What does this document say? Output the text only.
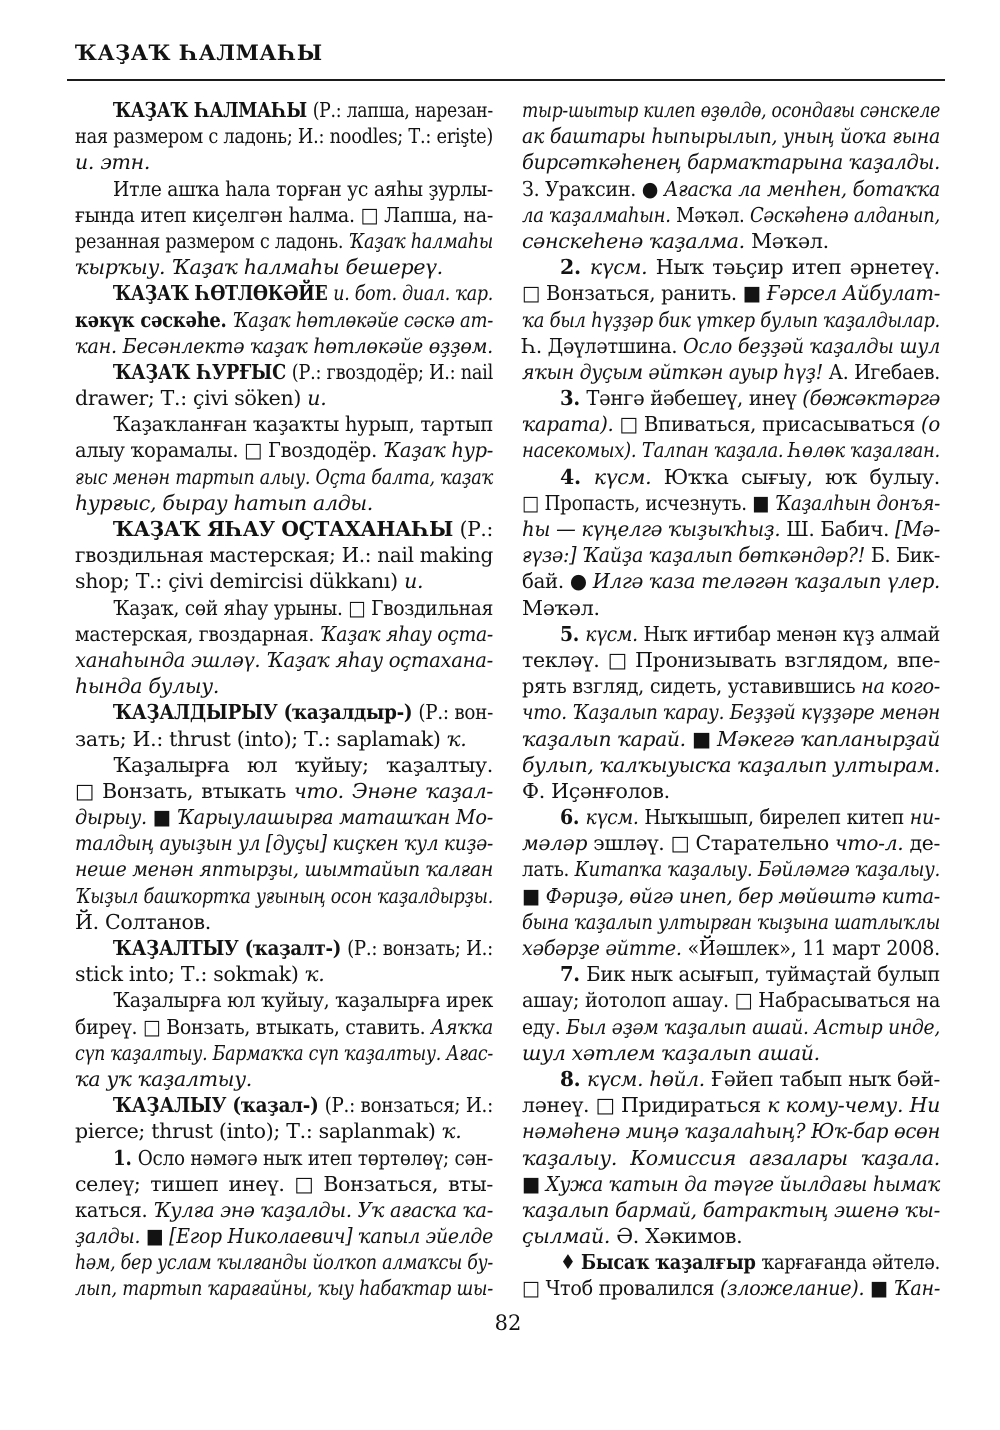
ҠАҘАҠ ҺАЛМАҺЫ
ҠАҘАҠ ҺАЛМАҺЫ (Р.: лапша, нарезан-
ная размером с ладонь; И.: noodles; Т.: erişte)
и. этн.
Итле ашҡа һала торған ус аяһы ҙурлы-
ғында итеп киҫелгән һалма. □ Лапша, на-
резанная размером с ладонь. Ҡаҙаҡ һалмаһы
ҡырҡыу. Ҡаҙаҡ һалмаһы бешереү.
ҠАҘАҠ ҺӨТЛӨКӘЙЕ и. бот. диал. ҡар.
кәкүк сәскәһе. Ҡаҙаҡ һөтлөкәйе сәскә ат-
ҡан. Бесәнлектә ҡаҙаҡ һөтлөкәйе өҙҙөм.
ҠАҘАҠ ҺУРҒЫС (Р.: гвоздодёр; И.: nail
drawer; Т.: çivi söken) и.
Ҡаҙаҡланған ҡаҙаҡты һурып, тартып
алыу ҡорамалы. □ Гвоздодёр. Ҡаҙаҡ һур-
ғыс менән тартып алыу. Оҫта балта, ҡаҙаҡ
һурғыс, бырау һатып алды.
ҠАҘАҠ ЯҺАУ ОҪТАХАНАҺЫ (Р.:
гвоздильная мастерская; И.: nail making
shop; Т.: çivi demircisi dükkanı) и.
Ҡаҙаҡ, сөй яһау урыны. □ Гвоздильная
мастерская, гвоздарная. Ҡаҙаҡ яһау оҫта-
ханаһында эшләү. Ҡаҙаҡ яһау оҫтахана-
һында булыу.
ҠАҘАЛДЫРЫУ (ҡаҙалдыр-) (Р.: вон-
зать; И.: thrust (into); Т.: saplamak) ҡ.
Ҡаҙалырға юл ҡуйыу; ҡаҙалтыу.
□ Вонзать, втыкать что. Энәне ҡаҙал-
дырыу. ■ Ҡарыулашырға маташҡан Мо-
талдың ауыҙын ул [дуҫы] киҫкен ҡул киҙә-
неше менән яптырҙы, шымтайып ҡалған
Ҡыҙыл башҡортҡа уғының осон ҡаҙалдырҙы.
Й. Солтанов.
ҠАҘАЛТЫУ (ҡаҙалт-) (Р.: вонзать; И.:
stick into; Т.: sokmak) ҡ.
Ҡаҙалырға юл ҡуйыу, ҡаҙалырға ирек
биреү. □ Вонзать, втыкать, ставить. Аяҡҡа
сүп ҡаҙалтыу. Бармаҡҡа сүп ҡаҙалтыу. Ағас-
ҡа уҡ ҡаҙалтыу.
ҠАҘАЛЫУ (ҡаҙал-) (Р.: вонзаться; И.:
pierce; thrust (into); Т.: saplanmak) ҡ.
1. Осло нәмәгә ныҡ итеп төртөлөү; сән-
селеү; тишеп инеү. □ Вонзаться, вты-
каться. Ҡулға энә ҡаҙалды. Уҡ ағасҡа ҡа-
ҙалды. ■ [Егор Николаевич] ҡапыл эйелде
һәм, бер услам ҡылғанды йолҡоп алмаҡсы бу-
лып, тартып ҡарағайны, ҡыу һабаҡтар шы-
тыр-шытыр килеп өҙөлдө, осондағы сәнскеле
ак баштары һыпырылып, уның йоҡа ғына
бирсәткәһенең бармаҡтарына ҡаҙалды.
З. Ураҡсин. ● Ағасҡа ла менһен, ботаҡҡа
ла ҡаҙалмаһын. Мәҡәл. Сәскәһенә алданып,
сәнскеһенә ҡаҙалма. Мәҡәл.
2. күсм. Ныҡ тәьҫир итеп әрнетеү.
□ Вонзаться, ранить. ■ Ғәрсел Айбулат-
ҡа был һүҙҙәр бик үткер булып ҡаҙалдылар.
Һ. Дәүләтшина. Осло беҙҙәй ҡаҙалды шул
яҡын дуҫым әйткән ауыр һүҙ! А. Игебаев.
3. Тәнгә йәбешеү, инеү (бөжәктәргә
ҡарата). □ Впиваться, присасываться (о
насекомых). Талпан ҡаҙала. Һөлөк ҡаҙалған.
4. күсм. Юҡҡа сығыу, юҡ булыу.
□ Пропасть, исчезнуть. ■ Ҡаҙалһын донъя-
һы — күңелгә ҡыҙыҡһыҙ. Ш. Бабич. [Мә-
ғүзә:] Ҡайҙа ҡаҙалып бөткәндәр?! Б. Бик-
бай. ● Илгә ҡаза теләгән ҡаҙалып үлер.
Мәҡәл.
5. күсм. Ныҡ иғтибар менән күҙ алмай
текләү. □ Пронизывать взглядом, впе-
рять взгляд, сидеть, уставившись на кого-
что. Ҡаҙалып ҡарау. Беҙҙәй күҙҙәре менән
ҡаҙалып ҡарай. ■ Мәкегә ҡапланырҙай
булып, ҡалҡыуысҡа ҡаҙалып ултырам.
Ф. Иҫәнғолов.
6. күсм. Ныҡышып, бирелеп китеп ни-
мәләр эшләү. □ Старательно что-л. де-
лать. Китапҡа ҡаҙалыу. Бәйләмгә ҡаҙалыу.
■ Фәриҙә, өйгә инеп, бер мөйөштә кита-
бына ҡаҙалып ултырған ҡыҙына шатлыҡлы
хәбәрҙе әйтте. «Йәшлек», 11 март 2008.
7. Бик ныҡ асығып, туймаҫтай булып
ашау; йотолоп ашау. □ Набрасываться на
еду. Был әҙәм ҡаҙалып ашай. Астыр инде,
шул хәтлем ҡаҙалып ашай.
8. күсм. һөйл. Ғәйеп табып ныҡ бәй-
ләнеү. □ Придираться к кому-чему. Ни
нәмәһенә миңә ҡаҙалаһың? Юҡ-бар өсөн
ҡаҙалыу. Комиссия ағзалары ҡаҙала.
■ Хужа ҡатын да тәүге йылдағы һымаҡ
ҡаҙалып бармай, батрактың эшенә ҡы-
ҫылмай. Ә. Хәкимов.
♦ Бысаҡ ҡаҙалғыр ҡарғағанда әйтелә.
□ Чтоб провалился (зложелание). ■ Ҡан-
82
